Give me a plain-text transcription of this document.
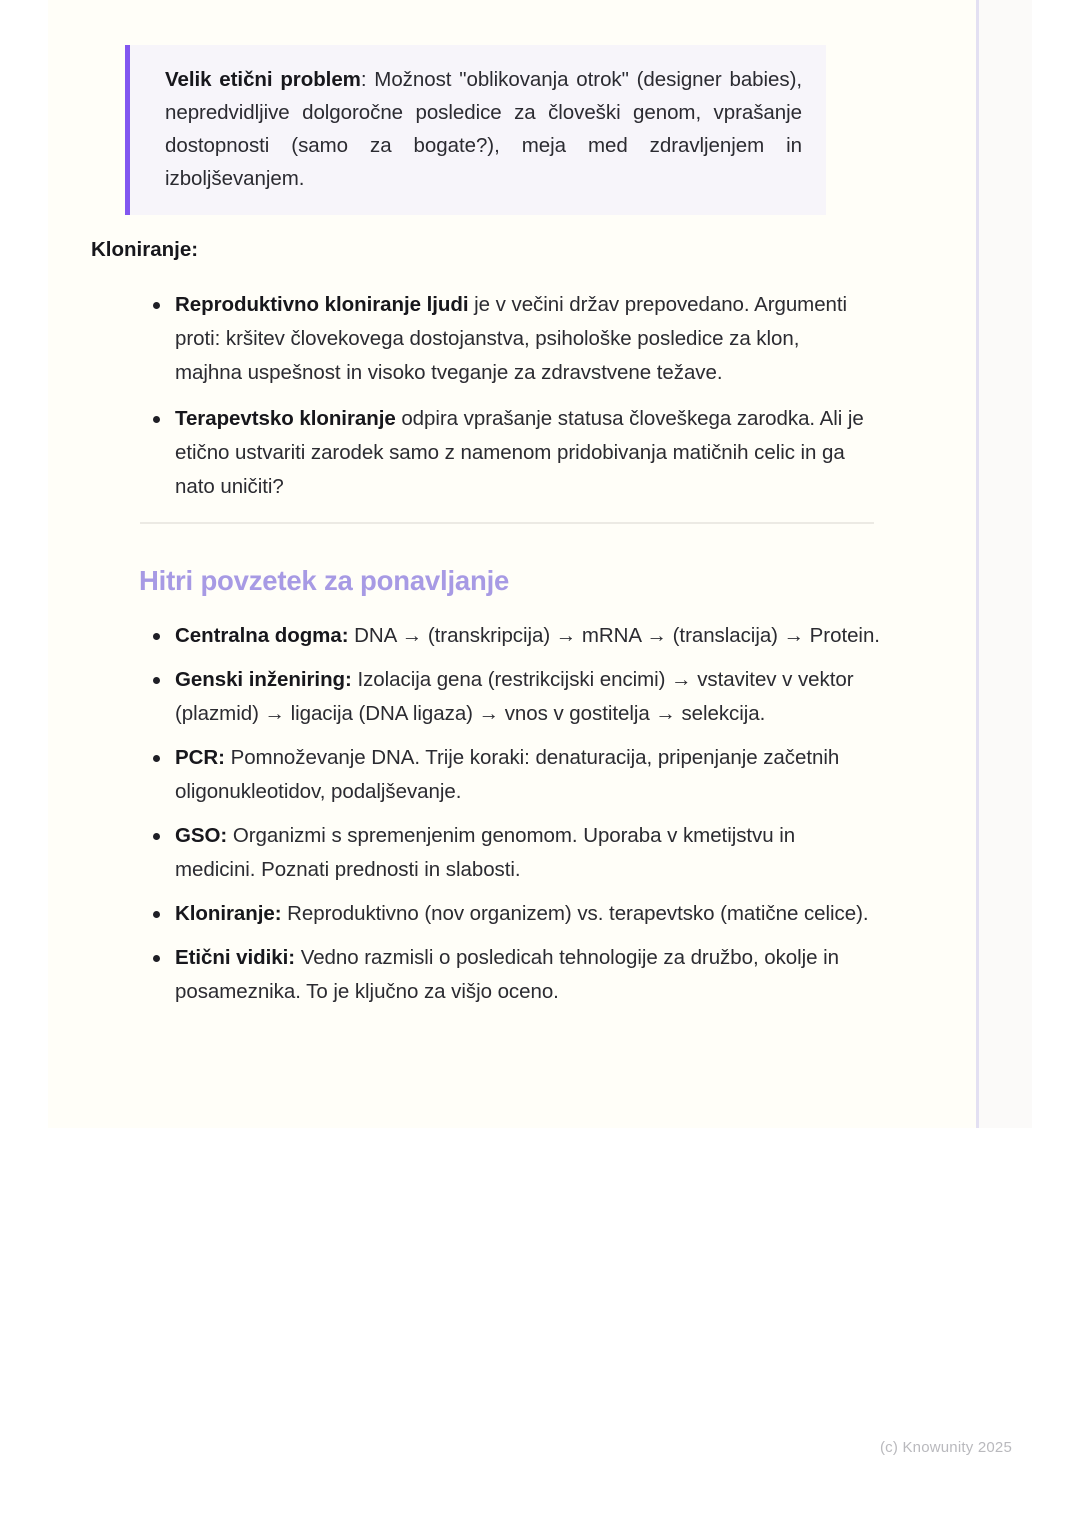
Velik etični problem: Možnost "oblikovanja otrok" (designer babies), nepredvidljive dolgoročne posledice za človeški genom, vprašanje dostopnosti (samo za bogate?), meja med zdravljenjem in izboljševanjem.

Kloniranje:

Reproduktivno kloniranje ljudi je v večini držav prepovedano. Argumenti proti: kršitev človekovega dostojanstva, psihološke posledice za klon, majhna uspešnost in visoko tveganje za zdravstvene težave.
Terapevtsko kloniranje odpira vprašanje statusa človeškega zarodka. Ali je etično ustvariti zarodek samo z namenom pridobivanja matičnih celic in ga nato uničiti?
Hitri povzetek za ponavljanje
Centralna dogma: DNA → (transkripcija) → mRNA → (translacija) → Protein.
Genski inženiring: Izolacija gena (restrikcijski encimi) → vstavitev v vektor (plazmid) → ligacija (DNA ligaza) → vnos v gostitelja → selekcija.
PCR: Pomnoževanje DNA. Trije koraki: denaturacija, pripenjanje začetnih oligonukleotidov, podaljševanje.
GSO: Organizmi s spremenjenim genomom. Uporaba v kmetijstvu in medicini. Poznati prednosti in slabosti.
Kloniranje: Reproduktivno (nov organizem) vs. terapevtsko (matične celice).
Etični vidiki: Vedno razmisli o posledicah tehnologije za družbo, okolje in posameznika. To je ključno za višjo oceno.
(c) Knowunity 2025
